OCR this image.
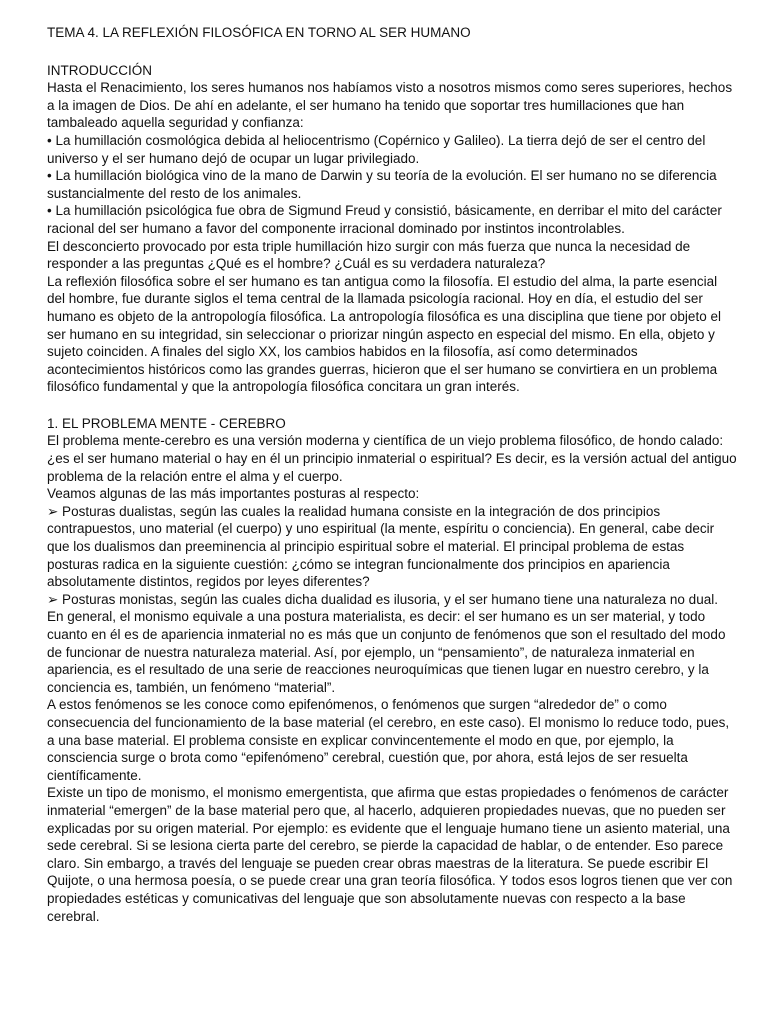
TEMA 4. LA REFLEXIÓN FILOSÓFICA EN TORNO AL SER HUMANO
INTRODUCCIÓN

Hasta el Renacimiento, los seres humanos nos habíamos visto a nosotros mismos como seres superiores, hechos a la imagen de Dios. De ahí en adelante, el ser humano ha tenido que soportar tres humillaciones que han tambaleado aquella seguridad y confianza:

• La humillación cosmológica debida al heliocentrismo (Copérnico y Galileo). La tierra dejó de ser el centro del universo y el ser humano dejó de ocupar un lugar privilegiado.

• La humillación biológica vino de la mano de Darwin y su teoría de la evolución. El ser humano no se diferencia sustancialmente del resto de los animales.

• La humillación psicológica fue obra de Sigmund Freud y consistió, básicamente, en derribar el mito del carácter racional del ser humano a favor del componente irracional dominado por instintos incontrolables.

El desconcierto provocado por esta triple humillación hizo surgir con más fuerza que nunca la necesidad de responder a las preguntas ¿Qué es el hombre? ¿Cuál es su verdadera naturaleza?

La reflexión filosófica sobre el ser humano es tan antigua como la filosofía. El estudio del alma, la parte esencial del hombre, fue durante siglos el tema central de la llamada psicología racional. Hoy en día, el estudio del ser humano es objeto de la antropología filosófica. La antropología filosófica es una disciplina que tiene por objeto el ser humano en su integridad, sin seleccionar o priorizar ningún aspecto en especial del mismo. En ella, objeto y sujeto coinciden. A finales del siglo XX, los cambios habidos en la filosofía, así como determinados acontecimientos históricos como las grandes guerras, hicieron que el ser humano se convirtiera en un problema filosófico fundamental y que la antropología filosófica concitara un gran interés.

1. EL PROBLEMA MENTE - CEREBRO

El problema mente-cerebro es una versión moderna y científica de un viejo problema filosófico, de hondo calado: ¿es el ser humano material o hay en él un principio inmaterial o espiritual? Es decir, es la versión actual del antiguo problema de la relación entre el alma y el cuerpo.

Veamos algunas de las más importantes posturas al respecto:

➢ Posturas dualistas, según las cuales la realidad humana consiste en la integración de dos principios contrapuestos, uno material (el cuerpo) y uno espiritual (la mente, espíritu o conciencia). En general, cabe decir que los dualismos dan preeminencia al principio espiritual sobre el material. El principal problema de estas posturas radica en la siguiente cuestión: ¿cómo se integran funcionalmente dos principios en apariencia absolutamente distintos, regidos por leyes diferentes?

➢ Posturas monistas, según las cuales dicha dualidad es ilusoria, y el ser humano tiene una naturaleza no dual. En general, el monismo equivale a una postura materialista, es decir: el ser humano es un ser material, y todo cuanto en él es de apariencia inmaterial no es más que un conjunto de fenómenos que son el resultado del modo de funcionar de nuestra naturaleza material. Así, por ejemplo, un “pensamiento”, de naturaleza inmaterial en apariencia, es el resultado de una serie de reacciones neuroquímicas que tienen lugar en nuestro cerebro, y la conciencia es, también, un fenómeno “material”.

A estos fenómenos se les conoce como epifenómenos, o fenómenos que surgen “alrededor de” o como consecuencia del funcionamiento de la base material (el cerebro, en este caso). El monismo lo reduce todo, pues, a una base material. El problema consiste en explicar convincentemente el modo en que, por ejemplo, la consciencia surge o brota como “epifenómeno” cerebral, cuestión que, por ahora, está lejos de ser resuelta científicamente.

Existe un tipo de monismo, el monismo emergentista, que afirma que estas propiedades o fenómenos de carácter inmaterial “emergen” de la base material pero que, al hacerlo, adquieren propiedades nuevas, que no pueden ser explicadas por su origen material. Por ejemplo: es evidente que el lenguaje humano tiene un asiento material, una sede cerebral. Si se lesiona cierta parte del cerebro, se pierde la capacidad de hablar, o de entender. Eso parece claro. Sin embargo, a través del lenguaje se pueden crear obras maestras de la literatura. Se puede escribir El Quijote, o una hermosa poesía, o se puede crear una gran teoría filosófica. Y todos esos logros tienen que ver con propiedades estéticas y comunicativas del lenguaje que son absolutamente nuevas con respecto a la base cerebral.
